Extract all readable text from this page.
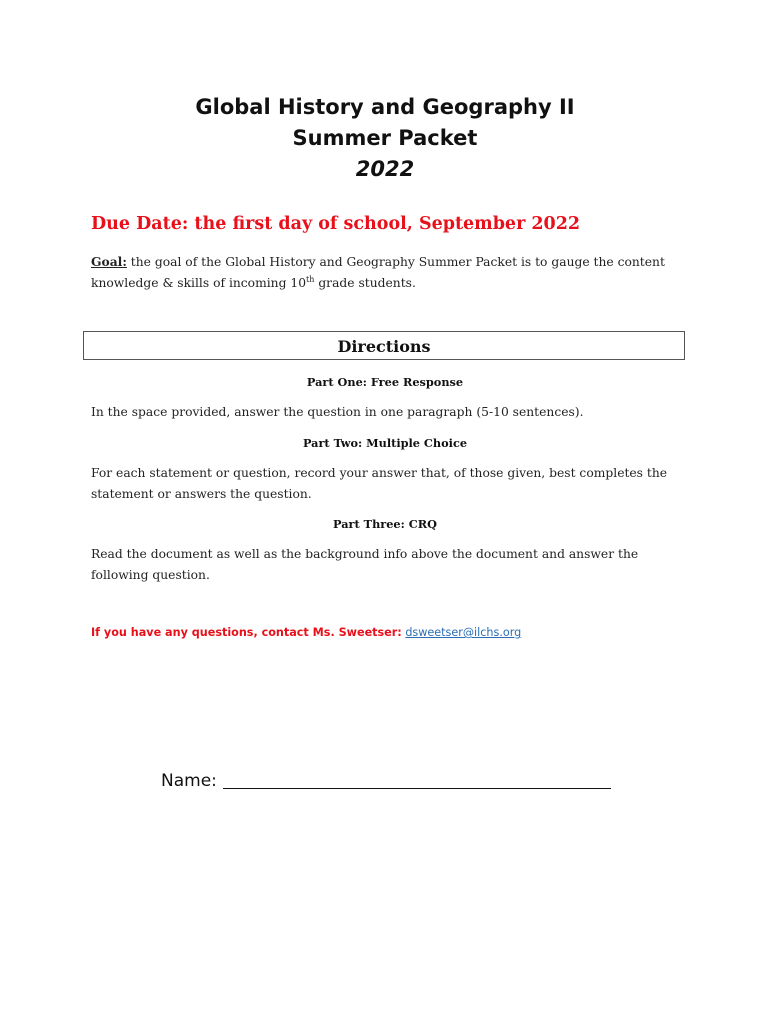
Global History and Geography II
Summer Packet
2022
Due Date: the first day of school, September 2022
Goal: the goal of the Global History and Geography Summer Packet is to gauge the content knowledge & skills of incoming 10th grade students.
Directions
Part One: Free Response
In the space provided, answer the question in one paragraph (5-10 sentences).
Part Two: Multiple Choice
For each statement or question, record your answer that, of those given, best completes the statement or answers the question.
Part Three: CRQ
Read the document as well as the background info above the document and answer the following question.
If you have any questions, contact Ms. Sweetser: dsweetser@ilchs.org
Name:
